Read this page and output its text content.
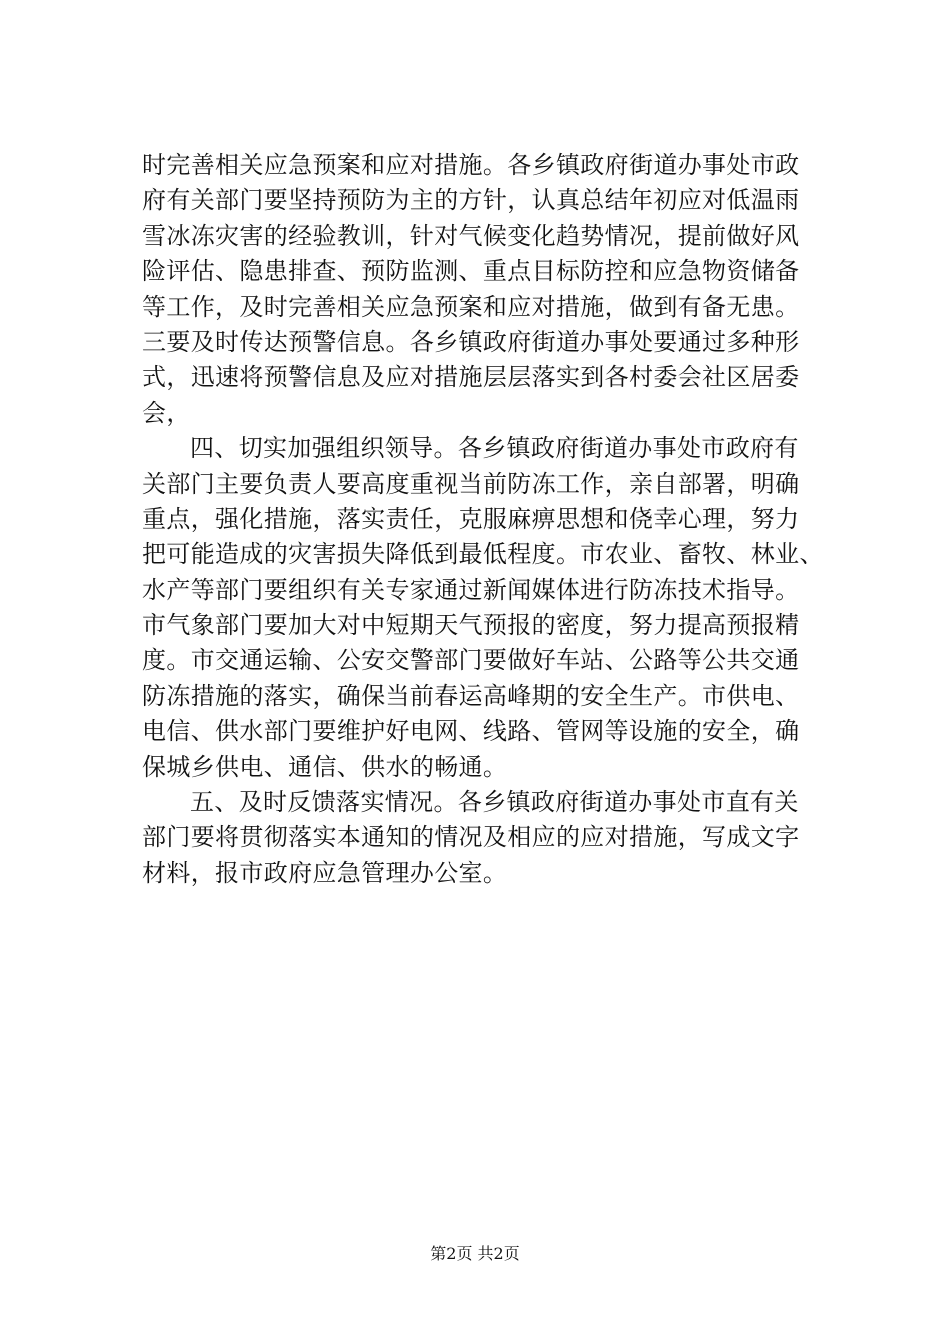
时完善相关应急预案和应对措施。各乡镇政府街道办事处市政
府有关部门要坚持预防为主的方针，认真总结年初应对低温雨
雪冰冻灾害的经验教训，针对气候变化趋势情况，提前做好风
险评估、隐患排查、预防监测、重点目标防控和应急物资储备
等工作，及时完善相关应急预案和应对措施，做到有备无患。
三要及时传达预警信息。各乡镇政府街道办事处要通过多种形
式，迅速将预警信息及应对措施层层落实到各村委会社区居委
会，
四、切实加强组织领导。各乡镇政府街道办事处市政府有
关部门主要负责人要高度重视当前防冻工作，亲自部署，明确
重点，强化措施，落实责任，克服麻痹思想和侥幸心理，努力
把可能造成的灾害损失降低到最低程度。市农业、畜牧、林业、
水产等部门要组织有关专家通过新闻媒体进行防冻技术指导。
市气象部门要加大对中短期天气预报的密度，努力提高预报精
度。市交通运输、公安交警部门要做好车站、公路等公共交通
防冻措施的落实，确保当前春运高峰期的安全生产。市供电、
电信、供水部门要维护好电网、线路、管网等设施的安全，确
保城乡供电、通信、供水的畅通。
五、及时反馈落实情况。各乡镇政府街道办事处市直有关
部门要将贯彻落实本通知的情况及相应的应对措施，写成文字
材料，报市政府应急管理办公室。
第2页 共2页
